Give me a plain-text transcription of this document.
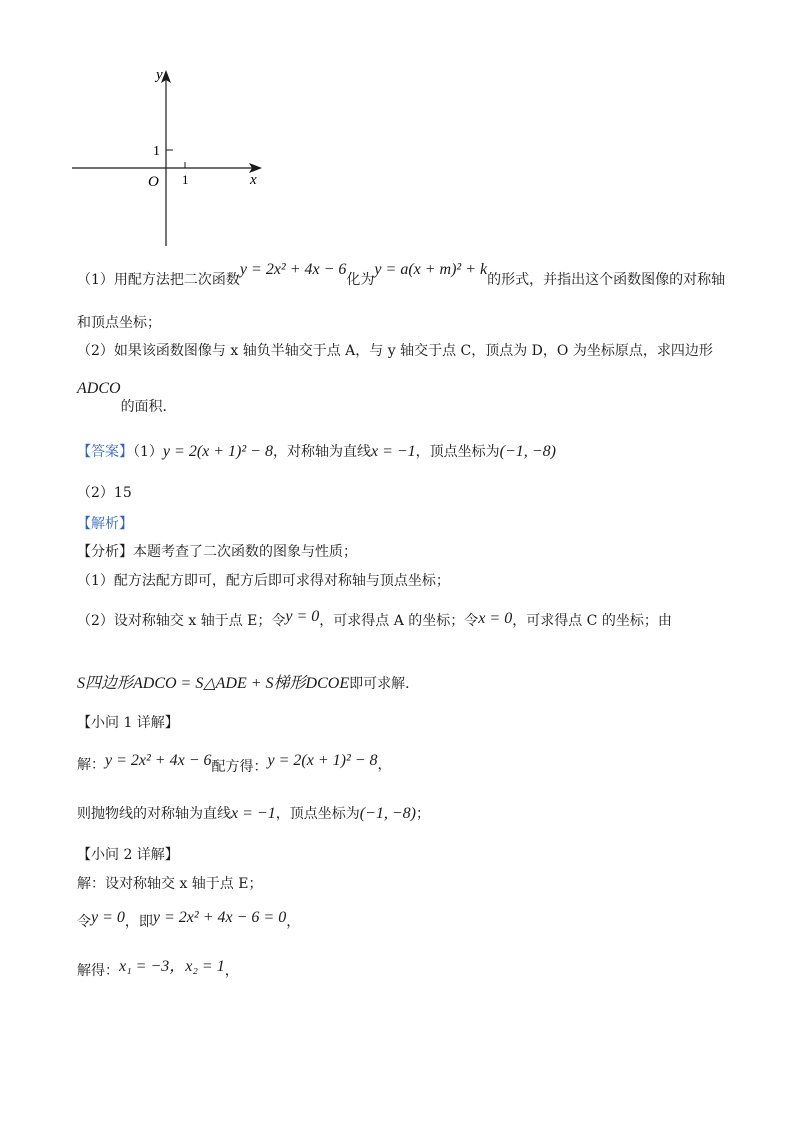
y
x
O
1
1
（1）用配方法把二次函数y = 2x² + 4x − 6化为y = a(x + m)² + k的形式，并指出这个函数图像的对称轴
和顶点坐标；
（2）如果该函数图像与 x 轴负半轴交于点 A，与 y 轴交于点 C，顶点为 D，O 为坐标原点，求四边形
ADCO的面积．
【答案】（1）y = 2(x + 1)² − 8，对称轴为直线x = −1，顶点坐标为(−1, −8)
（2）15
【解析】
【分析】本题考查了二次函数的图象与性质；
（1）配方法配方即可，配方后即可求得对称轴与顶点坐标；
（2）设对称轴交 x 轴于点 E；令y = 0，可求得点 A 的坐标；令x = 0，可求得点 C 的坐标；由
S四边形ADCO = S△ADE + S梯形DCOE即可求解．
【小问 1 详解】
解：y = 2x² + 4x − 6配方得：y = 2(x + 1)² − 8，
则抛物线的对称轴为直线x = −1，顶点坐标为(−1, −8)；
【小问 2 详解】
解：设对称轴交 x 轴于点 E；
令y = 0，即y = 2x² + 4x − 6 = 0，
解得：x₁ = −3，x₂ = 1，
